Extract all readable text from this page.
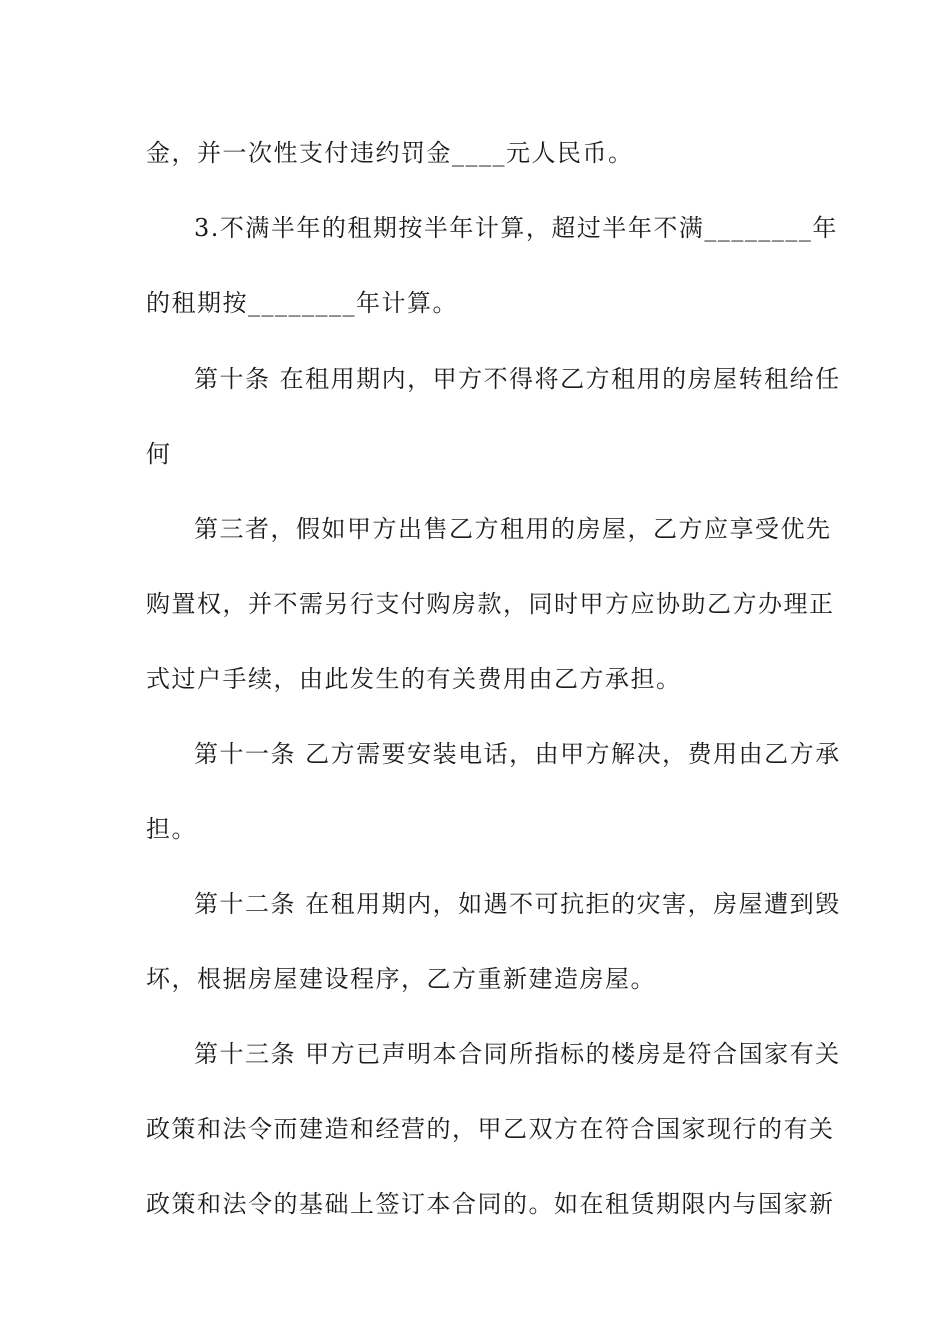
金，并一次性支付违约罚金____元人民币。
3.不满半年的租期按半年计算，超过半年不满________年
的租期按________年计算。
第十条 在租用期内，甲方不得将乙方租用的房屋转租给任
何
第三者，假如甲方出售乙方租用的房屋，乙方应享受优先
购置权，并不需另行支付购房款，同时甲方应协助乙方办理正
式过户手续，由此发生的有关费用由乙方承担。
第十一条 乙方需要安装电话，由甲方解决，费用由乙方承
担。
第十二条 在租用期内，如遇不可抗拒的灾害，房屋遭到毁
坏，根据房屋建设程序，乙方重新建造房屋。
第十三条 甲方已声明本合同所指标的楼房是符合国家有关
政策和法令而建造和经营的，甲乙双方在符合国家现行的有关
政策和法令的基础上签订本合同的。如在租赁期限内与国家新
